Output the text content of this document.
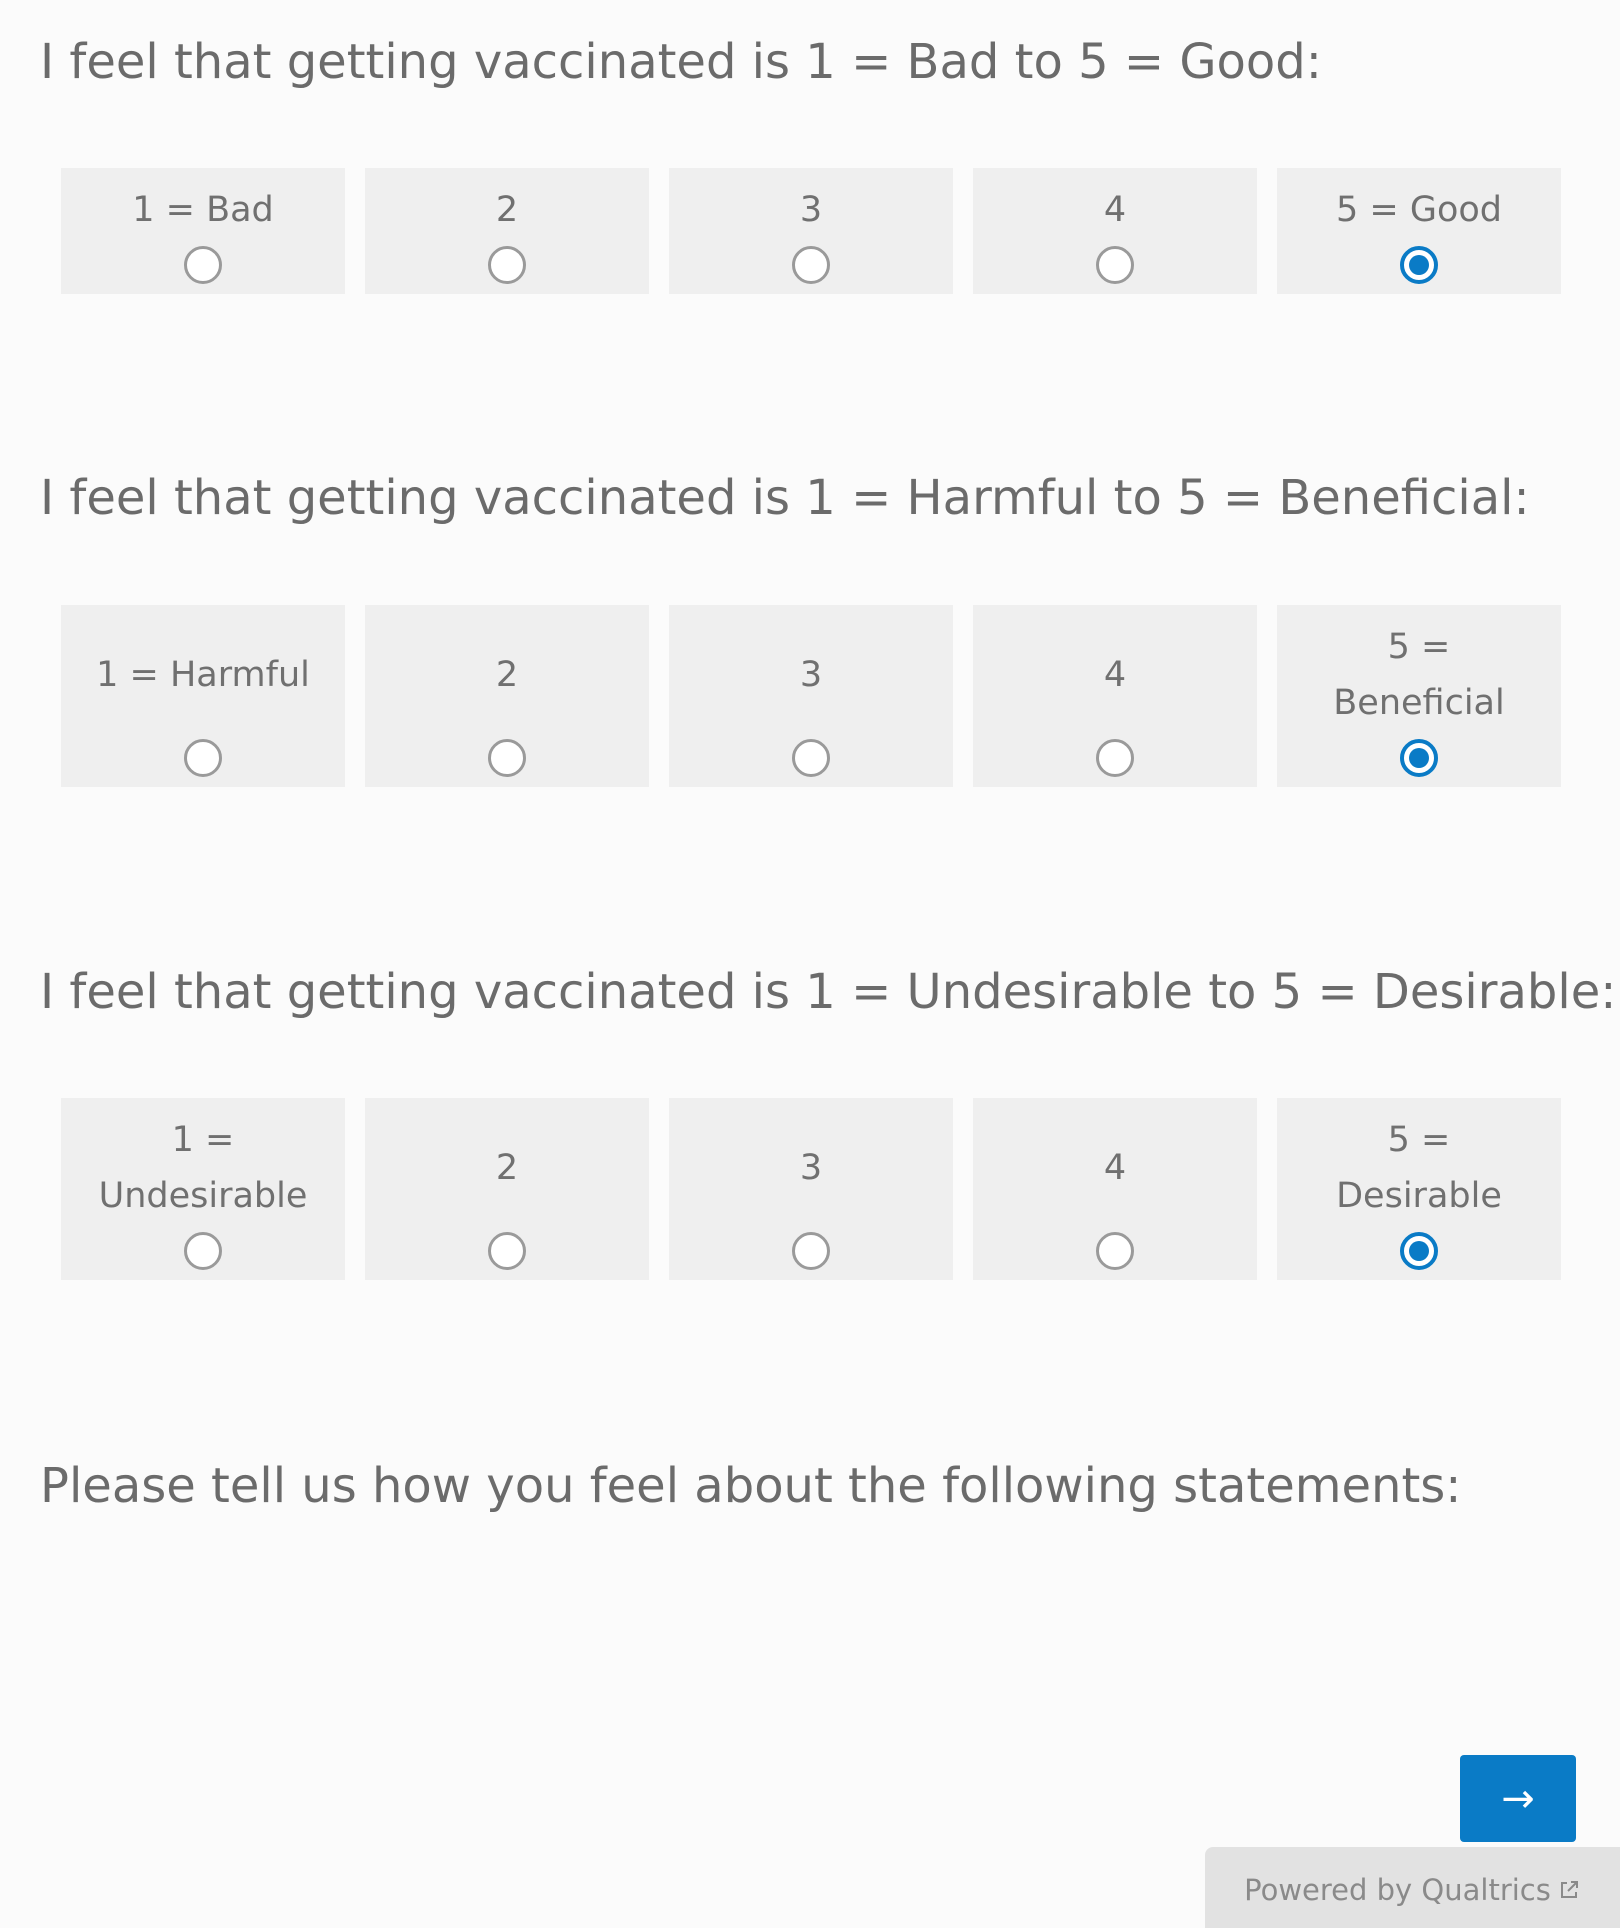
I feel that getting vaccinated is 1 = Bad to 5 = Good:
1 = Bad	2	3	4	5 = Good
I feel that getting vaccinated is 1 = Harmful to 5 = Beneficial:
1 = Harmful	2	3	4
5 = Beneficial
I feel that getting vaccinated is 1 = Undesirable to 5 = Desirable:
1 = Undesirable
2	3	4
5 = Desirable
Please tell us how you feel about the following statements:
→
Powered by Qualtrics
